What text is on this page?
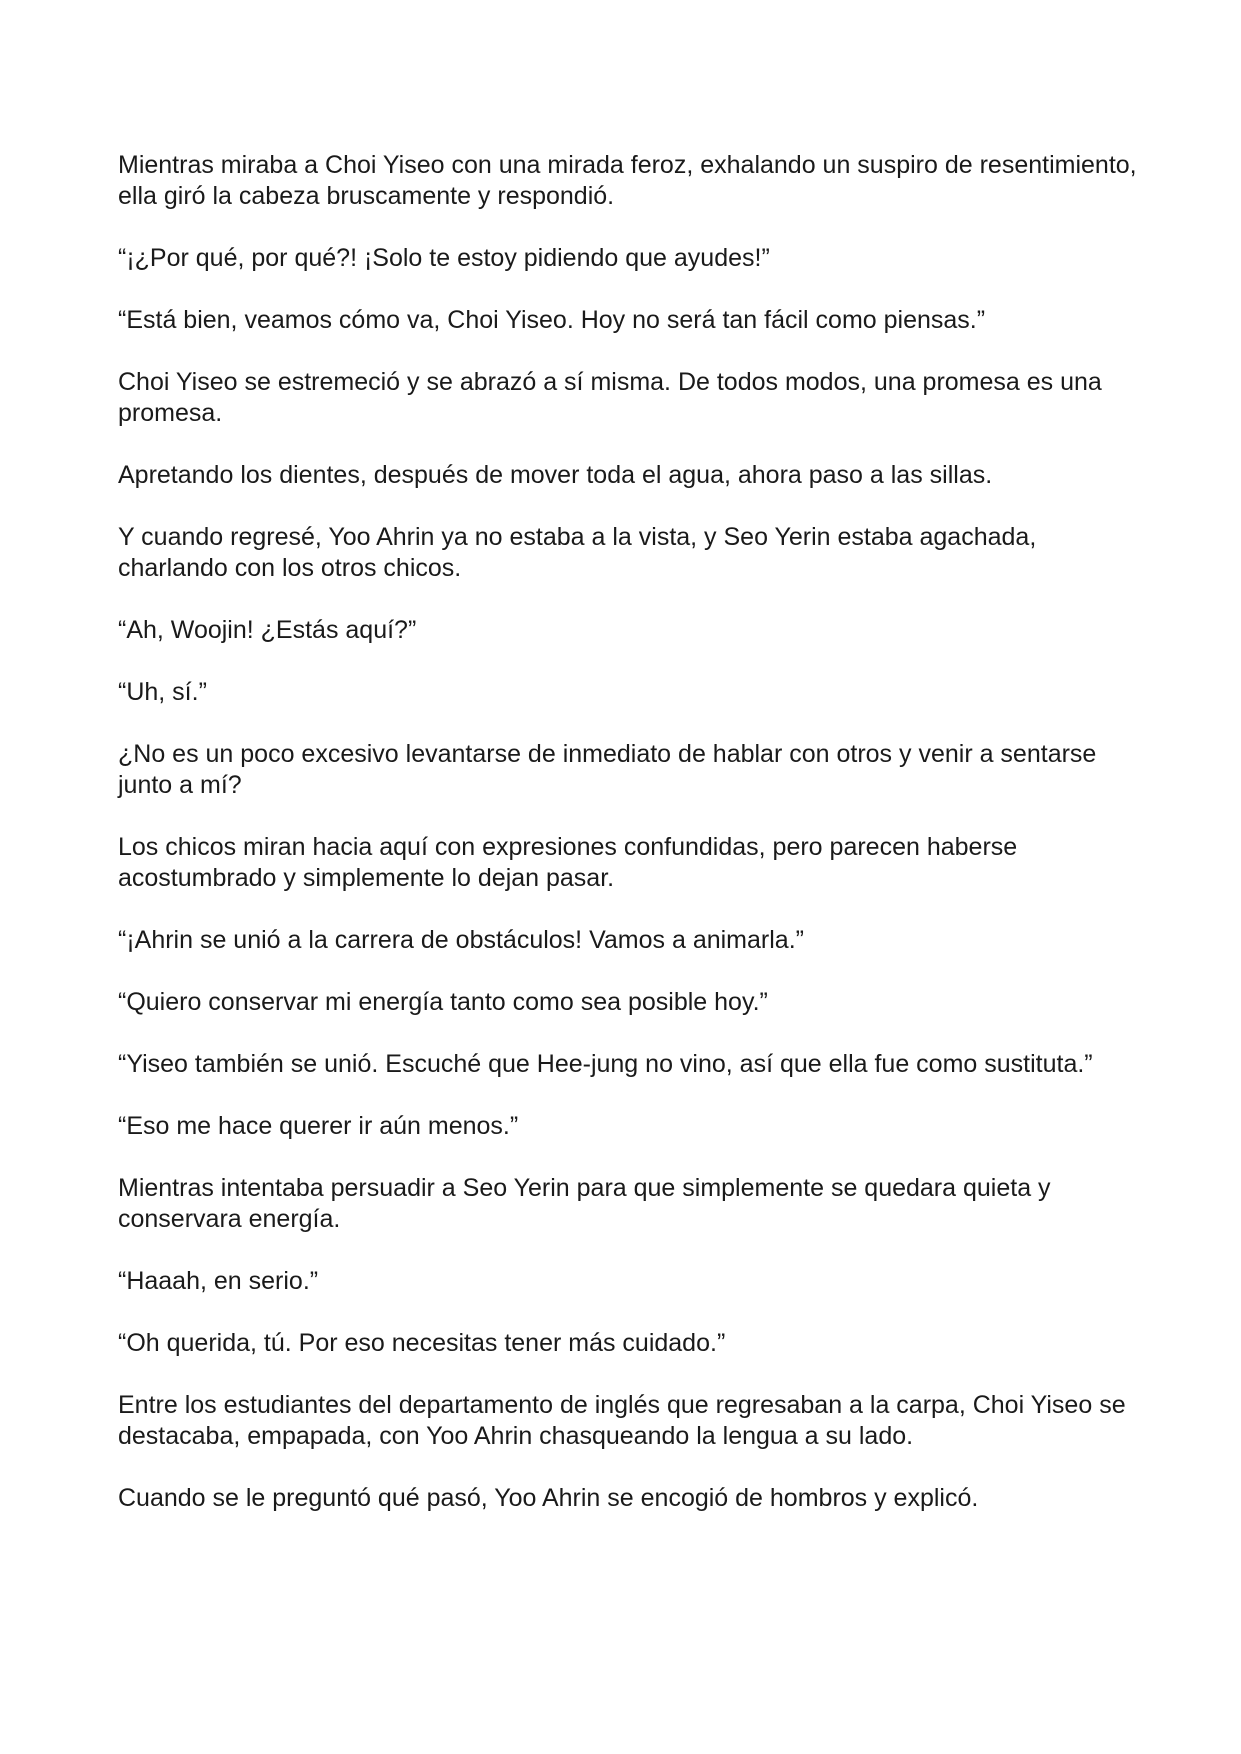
Mientras miraba a Choi Yiseo con una mirada feroz, exhalando un suspiro de resentimiento, ella giró la cabeza bruscamente y respondió.

“¡¿Por qué, por qué?! ¡Solo te estoy pidiendo que ayudes!”

“Está bien, veamos cómo va, Choi Yiseo. Hoy no será tan fácil como piensas.”

Choi Yiseo se estremeció y se abrazó a sí misma. De todos modos, una promesa es una promesa.

Apretando los dientes, después de mover toda el agua, ahora paso a las sillas.

Y cuando regresé, Yoo Ahrin ya no estaba a la vista, y Seo Yerin estaba agachada, charlando con los otros chicos.

“Ah, Woojin! ¿Estás aquí?”

“Uh, sí.”

¿No es un poco excesivo levantarse de inmediato de hablar con otros y venir a sentarse junto a mí?

Los chicos miran hacia aquí con expresiones confundidas, pero parecen haberse acostumbrado y simplemente lo dejan pasar.

“¡Ahrin se unió a la carrera de obstáculos! Vamos a animarla.”

“Quiero conservar mi energía tanto como sea posible hoy.”

“Yiseo también se unió. Escuché que Hee-jung no vino, así que ella fue como sustituta.”

“Eso me hace querer ir aún menos.”

Mientras intentaba persuadir a Seo Yerin para que simplemente se quedara quieta y conservara energía.

“Haaah, en serio.”

“Oh querida, tú. Por eso necesitas tener más cuidado.”

Entre los estudiantes del departamento de inglés que regresaban a la carpa, Choi Yiseo se destacaba, empapada, con Yoo Ahrin chasqueando la lengua a su lado.

Cuando se le preguntó qué pasó, Yoo Ahrin se encogió de hombros y explicó.
